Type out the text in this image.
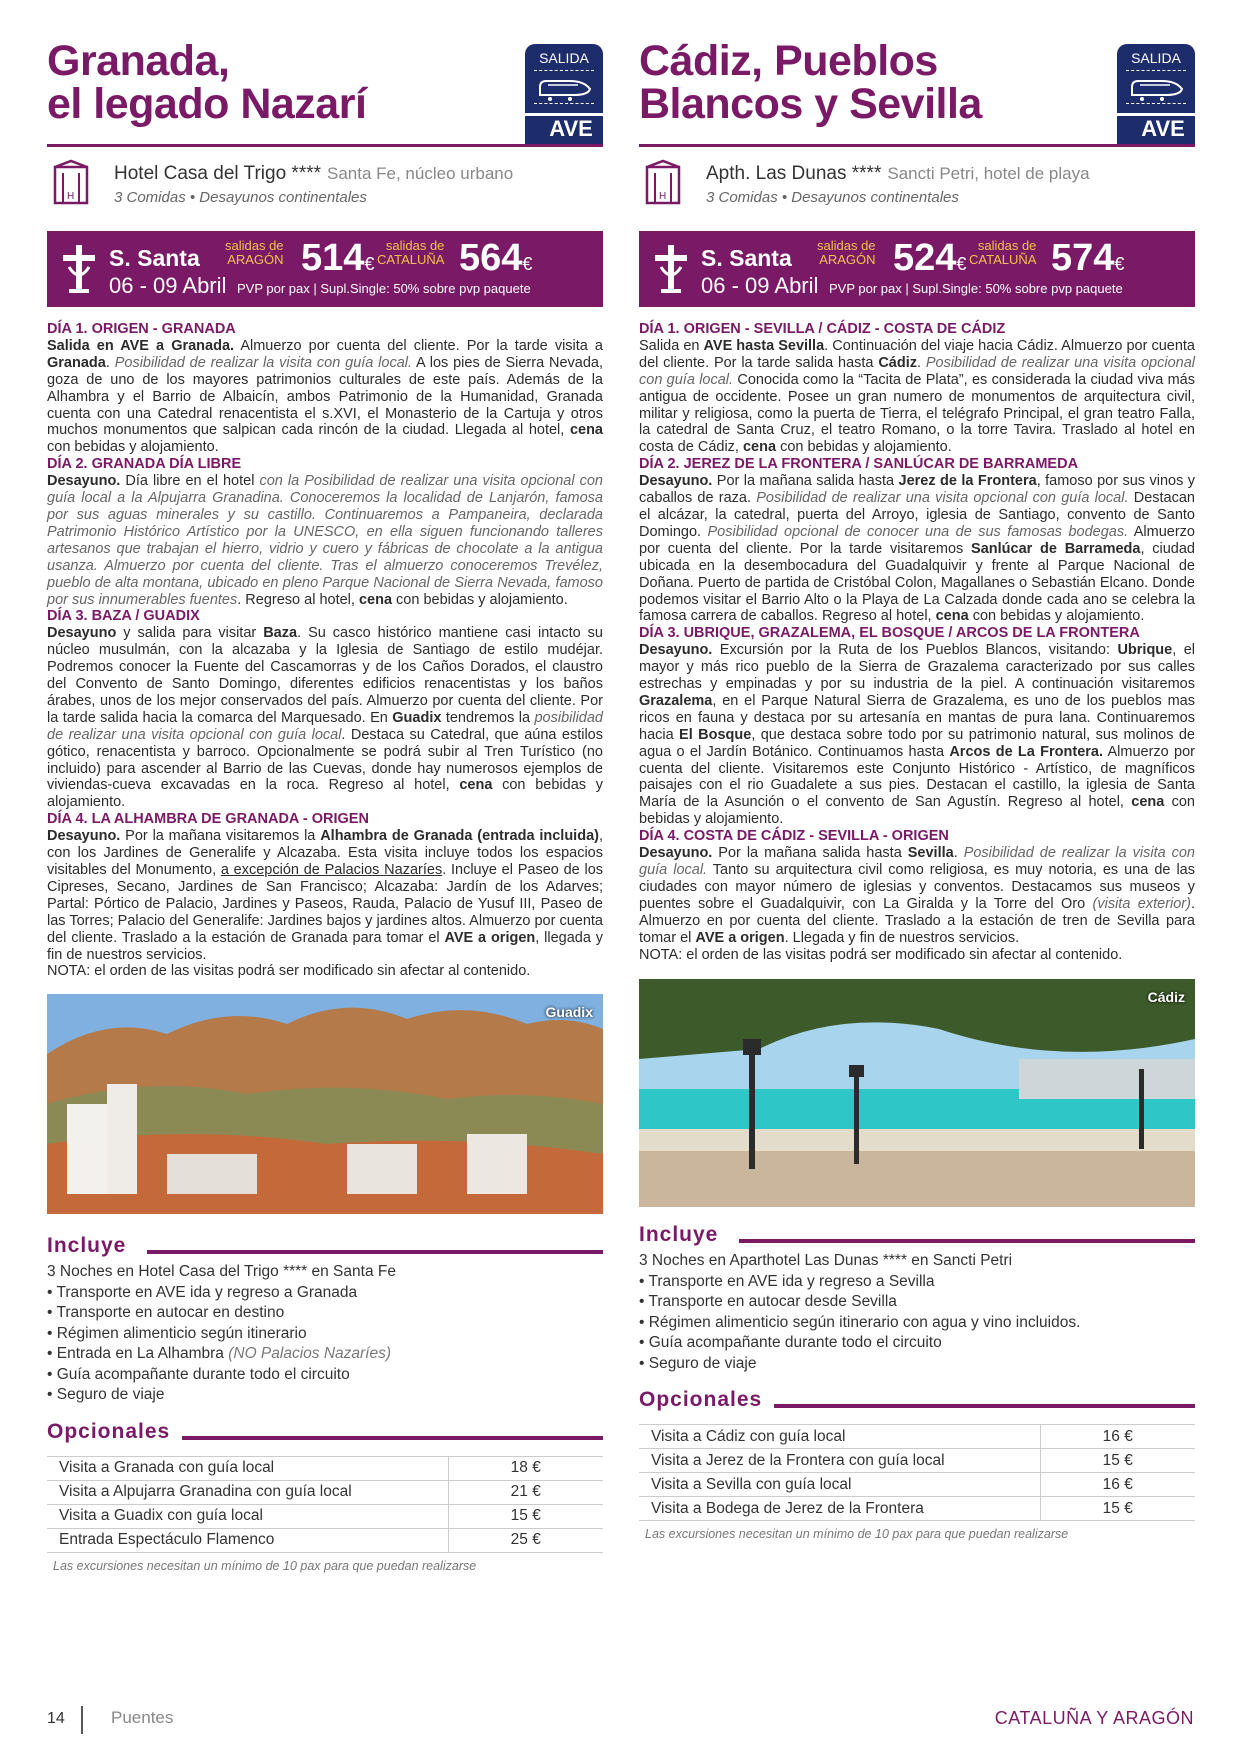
Granada,
el legado Nazarí
SALIDA
AVE
H
Hotel Casa del Trigo **** Santa Fe, núcleo urbano
3 Comidas • Desayunos continentales
S. Santa
06 - 09 Abril
salidas de
ARAGÓN 514€
salidas de
CATALUÑA 564€
PVP por pax | Supl.Single: 50% sobre pvp paquete
DÍA 1. ORIGEN - GRANADA

Salida en AVE a Granada. Almuerzo por cuenta del cliente. Por la tarde visita a Granada. Posibilidad de realizar la visita con guía local. A los pies de Sierra Nevada, goza de uno de los mayores patrimonios culturales de este país. Además de la Alhambra y el Barrio de Albaicín, ambos Patrimonio de la Humanidad, Granada cuenta con una Catedral renacentista el s.XVI, el Monasterio de la Cartuja y otros muchos monumentos que salpican cada rincón de la ciudad. Llegada al hotel, cena con bebidas y alojamiento.

DÍA 2. GRANADA DÍA LIBRE

Desayuno. Día libre en el hotel con la Posibilidad de realizar una visita opcional con guía local a la Alpujarra Granadina. Conoceremos la localidad de Lanjarón, famosa por sus aguas minerales y su castillo. Continuaremos a Pampaneira, declarada Patrimonio Histórico Artístico por la UNESCO, en ella siguen funcionando talleres artesanos que trabajan el hierro, vidrio y cuero y fábricas de chocolate a la antigua usanza. Almuerzo por cuenta del cliente. Tras el almuerzo conoceremos Trevélez, pueblo de alta montana, ubicado en pleno Parque Nacional de Sierra Nevada, famoso por sus innumerables fuentes. Regreso al hotel, cena con bebidas y alojamiento.

DÍA 3. BAZA / GUADIX

Desayuno y salida para visitar Baza. Su casco histórico mantiene casi intacto su núcleo musulmán, con la alcazaba y la Iglesia de Santiago de estilo mudéjar. Podremos conocer la Fuente del Cascamorras y de los Caños Dorados, el claustro del Convento de Santo Domingo, diferentes edificios renacentistas y los baños árabes, unos de los mejor conservados del país. Almuerzo por cuenta del cliente. Por la tarde salida hacia la comarca del Marquesado. En Guadix tendremos la posibilidad de realizar una visita opcional con guía local. Destaca su Catedral, que aúna estilos gótico, renacentista y barroco. Opcionalmente se podrá subir al Tren Turístico (no incluido) para ascender al Barrio de las Cuevas, donde hay numerosos ejemplos de viviendas-cueva excavadas en la roca. Regreso al hotel, cena con bebidas y alojamiento.

DÍA 4. LA ALHAMBRA DE GRANADA - ORIGEN

Desayuno. Por la mañana visitaremos la Alhambra de Granada (entrada incluida), con los Jardines de Generalife y Alcazaba. Esta visita incluye todos los espacios visitables del Monumento, a excepción de Palacios Nazaríes. Incluye el Paseo de los Cipreses, Secano, Jardines de San Francisco; Alcazaba: Jardín de los Adarves; Partal: Pórtico de Palacio, Jardines y Paseos, Rauda, Palacio de Yusuf III, Paseo de las Torres; Palacio del Generalife: Jardines bajos y jardines altos. Almuerzo por cuenta del cliente. Traslado a la estación de Granada para tomar el AVE a origen, llegada y fin de nuestros servicios.

NOTA: el orden de las visitas podrá ser modificado sin afectar al contenido.

Guadix
Incluye
3 Noches en Hotel Casa del Trigo **** en Santa Fe
• Transporte en AVE ida y regreso a Granada
• Transporte en autocar en destino
• Régimen alimenticio según itinerario
• Entrada en La Alhambra (NO Palacios Nazaríes)
• Guía acompañante durante todo el circuito
• Seguro de viaje
Opcionales
Visita a Granada con guía local	18 €
Visita a Alpujarra Granadina con guía local	21 €
Visita a Guadix con guía local	15 €
Entrada Espectáculo Flamenco	25 €
Las excursiones necesitan un mínimo de 10 pax para que puedan realizarse
Cádiz, Pueblos
Blancos y Sevilla
SALIDA
AVE
H
Apth. Las Dunas **** Sancti Petri, hotel de playa
3 Comidas • Desayunos continentales
S. Santa
06 - 09 Abril
salidas de
ARAGÓN 524€
salidas de
CATALUÑA 574€
PVP por pax | Supl.Single: 50% sobre pvp paquete
DÍA 1. ORIGEN - SEVILLA / CÁDIZ - COSTA DE CÁDIZ

Salida en AVE hasta Sevilla. Continuación del viaje hacia Cádiz. Almuerzo por cuenta del cliente. Por la tarde salida hasta Cádiz. Posibilidad de realizar una visita opcional con guía local. Conocida como la “Tacita de Plata”, es considerada la ciudad viva más antigua de occidente. Posee un gran numero de monumentos de arquitectura civil, militar y religiosa, como la puerta de Tierra, el telégrafo Principal, el gran teatro Falla, la catedral de Santa Cruz, el teatro Romano, o la torre Tavira. Traslado al hotel en costa de Cádiz, cena con bebidas y alojamiento.

DÍA 2. JEREZ DE LA FRONTERA / SANLÚCAR DE BARRAMEDA

Desayuno. Por la mañana salida hasta Jerez de la Frontera, famoso por sus vinos y caballos de raza. Posibilidad de realizar una visita opcional con guía local. Destacan el alcázar, la catedral, puerta del Arroyo, iglesia de Santiago, convento de Santo Domingo. Posibilidad opcional de conocer una de sus famosas bodegas. Almuerzo por cuenta del cliente. Por la tarde visitaremos Sanlúcar de Barrameda, ciudad ubicada en la desembocadura del Guadalquivir y frente al Parque Nacional de Doñana. Puerto de partida de Cristóbal Colon, Magallanes o Sebastián Elcano. Donde podemos visitar el Barrio Alto o la Playa de La Calzada donde cada ano se celebra la famosa carrera de caballos. Regreso al hotel, cena con bebidas y alojamiento.

DÍA 3. UBRIQUE, GRAZALEMA, EL BOSQUE / ARCOS DE LA FRONTERA

Desayuno. Excursión por la Ruta de los Pueblos Blancos, visitando: Ubrique, el mayor y más rico pueblo de la Sierra de Grazalema caracterizado por sus calles estrechas y empinadas y por su industria de la piel. A continuación visitaremos Grazalema, en el Parque Natural Sierra de Grazalema, es uno de los pueblos mas ricos en fauna y destaca por su artesanía en mantas de pura lana. Continuaremos hacia El Bosque, que destaca sobre todo por su patrimonio natural, sus molinos de agua o el Jardín Botánico. Continuamos hasta Arcos de La Frontera. Almuerzo por cuenta del cliente. Visitaremos este Conjunto Histórico - Artístico, de magníficos paisajes con el rio Guadalete a sus pies. Destacan el castillo, la iglesia de Santa María de la Asunción o el convento de San Agustín. Regreso al hotel, cena con bebidas y alojamiento.

DÍA 4. COSTA DE CÁDIZ - SEVILLA - ORIGEN

Desayuno. Por la mañana salida hasta Sevilla. Posibilidad de realizar la visita con guía local. Tanto su arquitectura civil como religiosa, es muy notoria, es una de las ciudades con mayor número de iglesias y conventos. Destacamos sus museos y puentes sobre el Guadalquivir, con La Giralda y la Torre del Oro (visita exterior). Almuerzo en por cuenta del cliente. Traslado a la estación de tren de Sevilla para tomar el AVE a origen. Llegada y fin de nuestros servicios.

NOTA: el orden de las visitas podrá ser modificado sin afectar al contenido.

Cádiz
Incluye
3 Noches en Aparthotel Las Dunas **** en Sancti Petri
• Transporte en AVE ida y regreso a Sevilla
• Transporte en autocar desde Sevilla
• Régimen alimenticio según itinerario con agua y vino incluidos.
• Guía acompañante durante todo el circuito
• Seguro de viaje
Opcionales
Visita a Cádiz con guía local	16 €
Visita a Jerez de la Frontera con guía local	15 €
Visita a Sevilla con guía local	16 €
Visita a Bodega de Jerez de la Frontera	15 €
Las excursiones necesitan un mínimo de 10 pax para que puedan realizarse
14	Puentes	CATALUÑA Y ARAGÓN
